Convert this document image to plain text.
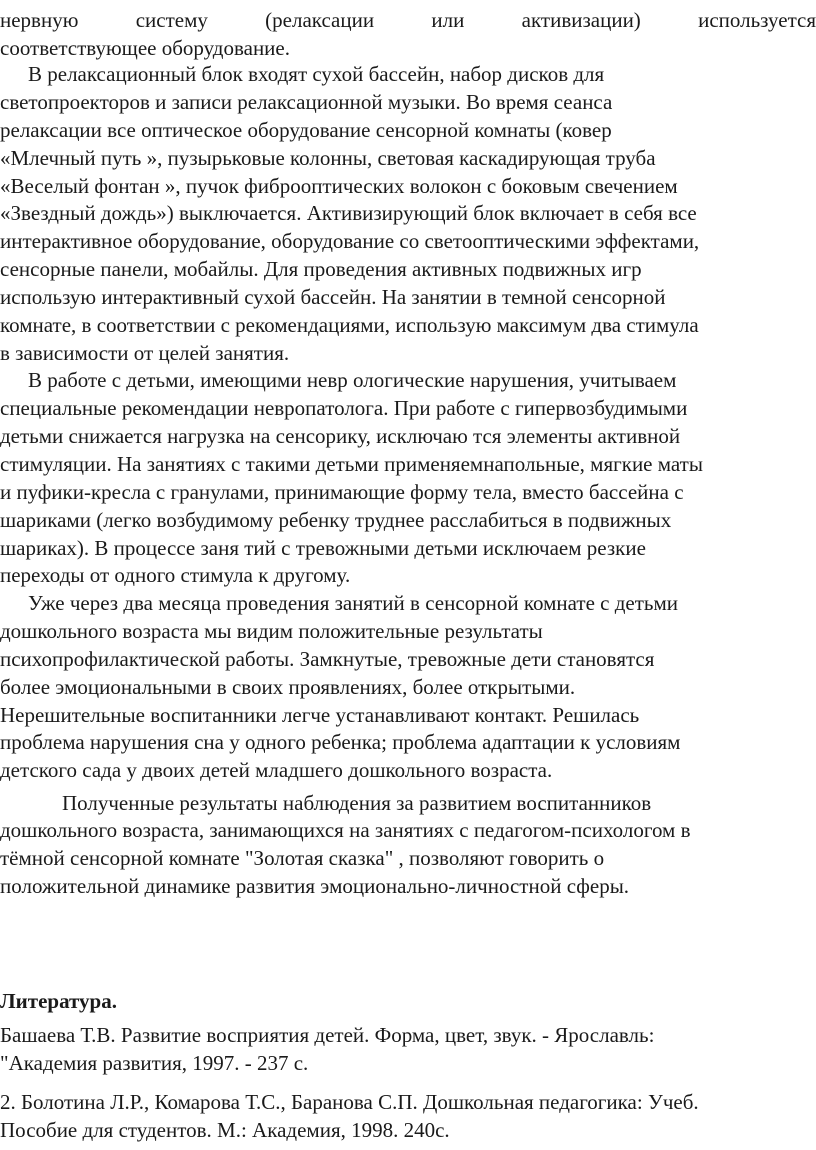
нервную	систему	(релаксации	или	активизации)	используется
соответствующее оборудование.
В релаксационный блок входят сухой бассейн, набор дисков для
светопроекторов и записи релаксационной музыки. Во время сеанса
релаксации все оптическое оборудование сенсорной комнаты (ковер
«Млечный путь », пузырьковые колонны, световая каскадирующая труба
«Веселый фонтан », пучок фиброоптических волокон с боковым свечением
«Звездный дождь») выключается. Активизирующий блок включает в себя все
интерактивное оборудование, оборудование со светооптическими эффектами,
сенсорные панели, мобайлы. Для проведения активных подвижных игр
использую интерактивный сухой бассейн. На занятии в темной сенсорной
комнате, в соответствии с рекомендациями, использую максимум два стимула
в зависимости от целей занятия.
В работе с детьми, имеющими невр ологические нарушения, учитываем
специальные рекомендации невропатолога. При работе с гипервозбудимыми
детьми снижается нагрузка на сенсорику, исключаю тся элементы активной
стимуляции. На занятиях с такими детьми применяемнапольные, мягкие маты
и пуфики-кресла с гранулами, принимающие форму тела, вместо бассейна с
шариками (легко возбудимому ребенку труднее расслабиться в подвижных
шариках). В процессе заня тий с тревожными детьми исключаем резкие
переходы от одного стимула к другому.
Уже через два месяца проведения занятий в сенсорной комнате с детьми
дошкольного возраста мы видим положительные результаты
психопрофилактической работы. Замкнутые, тревожные дети становятся
более эмоциональными в своих проявлениях, более открытыми.
Нерешительные воспитанники легче устанавливают контакт. Решилась
проблема нарушения сна у одного ребенка; проблема адаптации к условиям
детского сада у двоих детей младшего дошкольного возраста.
Полученные результаты наблюдения за развитием воспитанников
дошкольного возраста, занимающихся на занятиях с педагогом-психологом в
тёмной сенсорной комнате "Золотая сказка" , позволяют говорить о
положительной динамике развития эмоционально-личностной сферы.
Литература.
Башаева Т.В. Развитие восприятия детей. Форма, цвет, звук. - Ярославль:
"Академия развития, 1997. - 237 с.
2. Болотина Л.Р., Комарова Т.С., Баранова С.П. Дошкольная педагогика: Учеб.
Пособие для студентов. М.: Академия, 1998. 240с.
